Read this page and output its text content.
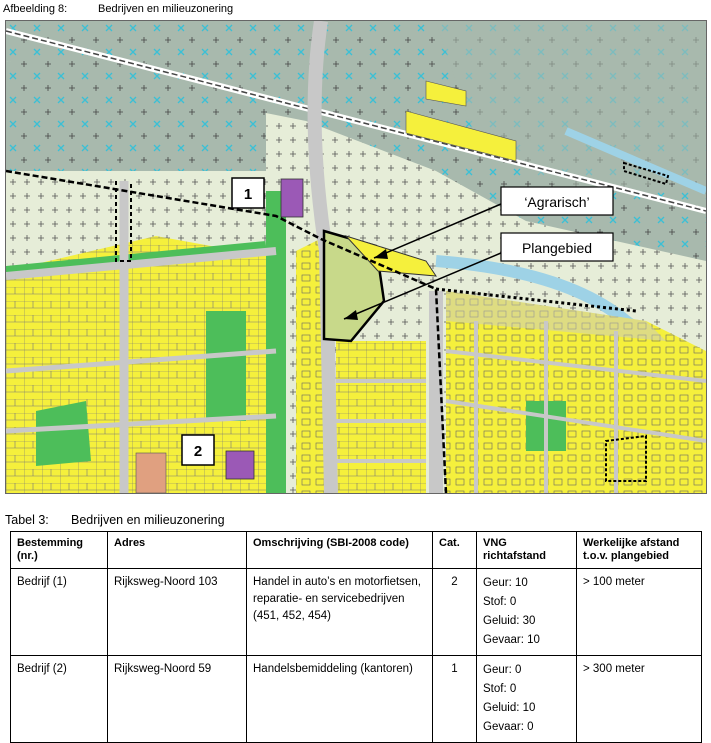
Afbeelding 8:	Bedrijven en milieuzonering
1
2
‘Agrarisch’
Plangebied
Tabel 3: Bedrijven en milieuzonering
Bestemming (nr.)	Adres	Omschrijving (SBI-2008 code)	Cat.	VNG richtafstand	Werkelijke afstand t.o.v. plangebied
Bedrijf (1)	Rijksweg-Noord 103	Handel in auto’s en motorfietsen, reparatie- en servicebedrijven (451, 452, 454)	2	Geur: 10
Stof: 0
Geluid: 30
Gevaar: 10	> 100 meter
Bedrijf (2)	Rijksweg-Noord 59	Handelsbemiddeling (kantoren)	1	Geur: 0
Stof: 0
Geluid: 10
Gevaar: 0	> 300 meter
